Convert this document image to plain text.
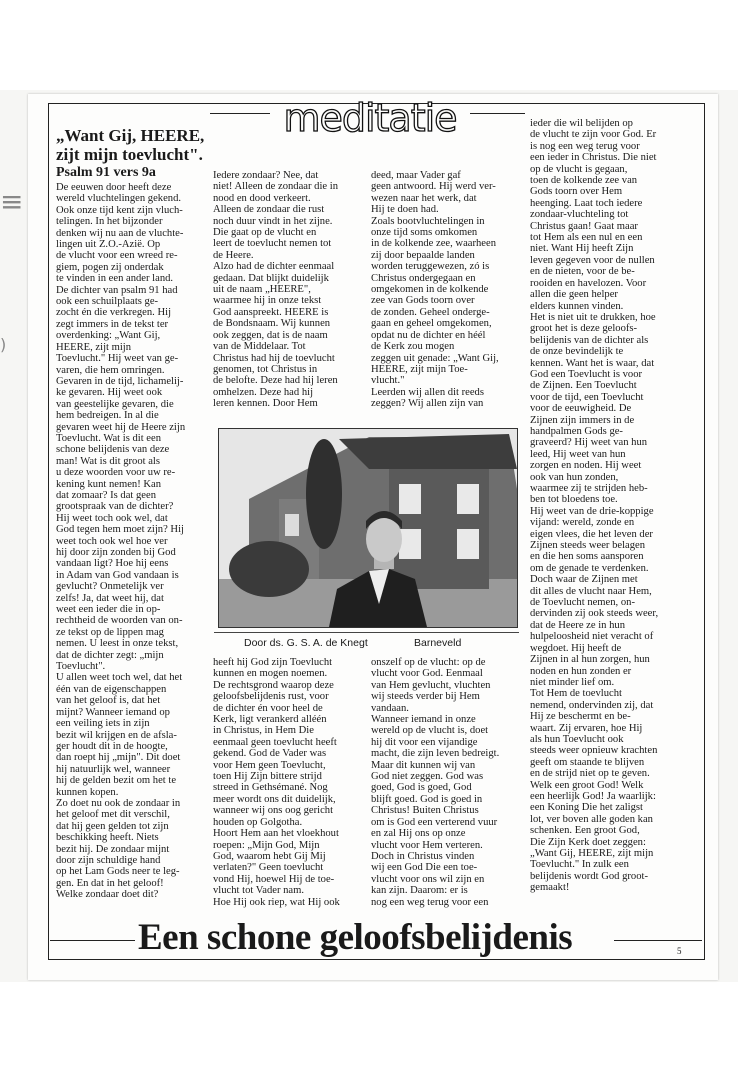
≡
)
meditatie

„Want Gij, HEERE,
zijt mijn toevlucht".

Psalm 91 vers 9a

De eeuwen door heeft deze
wereld vluchtelingen gekend.
Ook onze tijd kent zijn vluch-
telingen. In het bijzonder
denken wij nu aan de vluchte-
lingen uit Z.O.-Azië. Op
de vlucht voor een wreed re-
giem, pogen zij onderdak
te vinden in een ander land.
De dichter van psalm 91 had
ook een schuilplaats ge-
zocht én die verkregen. Hij
zegt immers in de tekst ter
overdenking: „Want Gij,
HEERE, zijt mijn
Toevlucht." Hij weet van ge-
varen, die hem omringen.
Gevaren in de tijd, lichamelij-
ke gevaren. Hij weet ook
van geestelijke gevaren, die
hem bedreigen. In al die
gevaren weet hij de Heere zijn
Toevlucht. Wat is dit een
schone belijdenis van deze
man! Wat is dit groot als
u deze woorden voor uw re-
kening kunt nemen! Kan
dat zomaar? Is dat geen
grootspraak van de dichter?
Hij weet toch ook wel, dat
God tegen hem moet zijn? Hij
weet toch ook wel hoe ver
hij door zijn zonden bij God
vandaan ligt? Hoe hij eens
in Adam van God vandaan is
gevlucht? Onmetelijk ver
zelfs! Ja, dat weet hij, dat
weet een ieder die in op-
rechtheid de woorden van on-
ze tekst op de lippen mag
nemen. U leest in onze tekst,
dat de dichter zegt: „mijn
Toevlucht".
U allen weet toch wel, dat het
één van de eigenschappen
van het geloof is, dat het
mijnt? Wanneer iemand op
een veiling iets in zijn
bezit wil krijgen en de afsla-
ger houdt dit in de hoogte,
dan roept hij „mijn". Dit doet
hij natuurlijk wel, wanneer
hij de gelden bezit om het te
kunnen kopen.
Zo doet nu ook de zondaar in
het geloof met dit verschil,
dat hij geen gelden tot zijn
beschikking heeft. Niets
bezit hij. De zondaar mijnt
door zijn schuldige hand
op het Lam Gods neer te leg-
gen. En dat in het geloof!
Welke zondaar doet dit?

Iedere zondaar? Nee, dat
niet! Alleen de zondaar die in
nood en dood verkeert.
Alleen de zondaar die rust
noch duur vindt in het zijne.
Die gaat op de vlucht en
leert de toevlucht nemen tot
de Heere.
Alzo had de dichter eenmaal
gedaan. Dat blijkt duidelijk
uit de naam „HEERE",
waarmee hij in onze tekst
God aanspreekt. HEERE is
de Bondsnaam. Wij kunnen
ook zeggen, dat is de naam
van de Middelaar. Tot
Christus had hij de toevlucht
genomen, tot Christus in
de belofte. Deze had hij leren
omhelzen. Deze had hij
leren kennen. Door Hem

deed, maar Vader gaf
geen antwoord. Hij werd ver-
wezen naar het werk, dat
Hij te doen had.
Zoals bootvluchtelingen in
onze tijd soms omkomen
in de kolkende zee, waarheen
zij door bepaalde landen
worden teruggewezen, zó is
Christus ondergegaan en
omgekomen in de kolkende
zee van Gods toorn over
de zonden. Geheel onderge-
gaan en geheel omgekomen,
opdat nu de dichter en héél
de Kerk zou mogen
zeggen uit genade: „Want Gij,
HEERE, zijt mijn Toe-
vlucht."
Leerden wij allen dit reeds
zeggen? Wij allen zijn van

ieder die wil belijden op
de vlucht te zijn voor God. Er
is nog een weg terug voor
een ieder in Christus. Die niet
op de vlucht is gegaan,
toen de kolkende zee van
Gods toorn over Hem
heenging. Laat toch iedere
zondaar-vluchteling tot
Christus gaan! Gaat maar
tot Hem als een nul en een
niet. Want Hij heeft Zijn
leven gegeven voor de nullen
en de nieten, voor de be-
rooiden en havelozen. Voor
allen die geen helper
elders kunnen vinden.
Het is niet uit te drukken, hoe
groot het is deze geloofs-
belijdenis van de dichter als
de onze bevindelijk te
kennen. Want het is waar, dat
God een Toevlucht is voor
de Zijnen. Een Toevlucht
voor de tijd, een Toevlucht
voor de eeuwigheid. De
Zijnen zijn immers in de
handpalmen Gods ge-
graveerd? Hij weet van hun
leed, Hij weet van hun
zorgen en noden. Hij weet
ook van hun zonden,
waarmee zij te strijden heb-
ben tot bloedens toe.
Hij weet van de drie-koppige
vijand: wereld, zonde en
eigen vlees, die het leven der
Zijnen steeds weer belagen
en die hen soms aansporen
om de genade te verdenken.
Doch waar de Zijnen met
dit alles de vlucht naar Hem,
de Toevlucht nemen, on-
dervinden zij ook steeds weer,
dat de Heere ze in hun
hulpeloosheid niet veracht of
wegdoet. Hij heeft de
Zijnen in al hun zorgen, hun
noden en hun zonden er
niet minder lief om.
Tot Hem de toevlucht
nemend, ondervinden zij, dat
Hij ze beschermt en be-
waart. Zij ervaren, hoe Hij
als hun Toevlucht ook
steeds weer opnieuw krachten
geeft om staande te blijven
en de strijd niet op te geven.
Welk een groot God! Welk
een heerlijk God! Ja waarlijk:
een Koning Die het zaligst
lot, ver boven alle goden kan
schenken. Een groot God,
Die Zijn Kerk doet zeggen:
„Want Gij, HEERE, zijt mijn
Toevlucht." In zulk een
belijdenis wordt God groot-
gemaakt!

Door ds. G. S. A. de Knegt	Barneveld

heeft hij God zijn Toevlucht
kunnen en mogen noemen.
De rechtsgrond waarop deze
geloofsbelijdenis rust, voor
de dichter én voor heel de
Kerk, ligt verankerd alléén
in Christus, in Hem Die
eenmaal geen toevlucht heeft
gekend. God de Vader was
voor Hem geen Toevlucht,
toen Hij Zijn bittere strijd
streed in Gethsémané. Nog
meer wordt ons dit duidelijk,
wanneer wij ons oog gericht
houden op Golgotha.
Hoort Hem aan het vloekhout
roepen: „Mijn God, Mijn
God, waarom hebt Gij Mij
verlaten?" Geen toevlucht
vond Hij, hoewel Hij de toe-
vlucht tot Vader nam.
Hoe Hij ook riep, wat Hij ook

onszelf op de vlucht: op de
vlucht voor God. Eenmaal
van Hem gevlucht, vluchten
wij steeds verder bij Hem
vandaan.
Wanneer iemand in onze
wereld op de vlucht is, doet
hij dit voor een vijandige
macht, die zijn leven bedreigt.
Maar dit kunnen wij van
God niet zeggen. God was
goed, God is goed, God
blijft goed. God is goed in
Christus! Buiten Christus
om is God een verterend vuur
en zal Hij ons op onze
vlucht voor Hem verteren.
Doch in Christus vinden
wij een God Die een toe-
vlucht voor ons wil zijn en
kan zijn. Daarom: er is
nog een weg terug voor een

Een schone geloofsbelijdenis	5
